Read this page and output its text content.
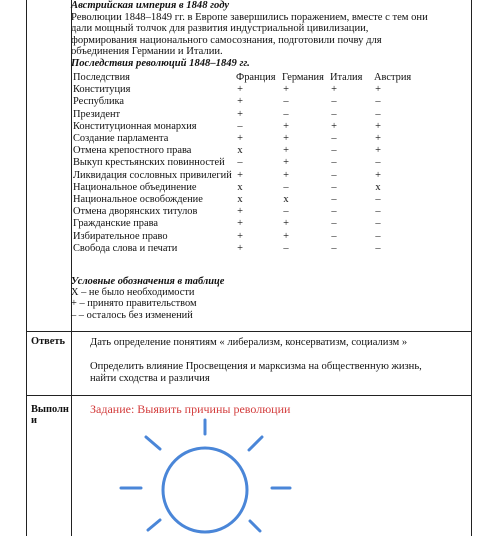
Австрийская империя в 1848 году

Революции 1848–1849 гг. в Европе завершились поражением, вместе с тем они

дали мощный толчок для развития индустриальной цивилизации,

формирования национального самосознания, подготовили почву для

объединения Германии и Италии.

Последствия революций 1848–1849 гг.
Последствия	Франция	Германия	Италия	Австрия
Конституция	+	+	+	+
Республика	+	–	–	–
Президент	+	–	–	–
Конституционная монархия	–	+	+	+
Создание парламента	+	+	–	+
Отмена крепостного права	x	+	–	+
Выкуп крестьянских повинностей	–	+	–	–
Ликвидация сословных привилегий	+	+	–	+
Национальное объединение	x	–	–	x
Национальное освобождение	x	x	–	–
Отмена дворянских титулов	+	–	–	–
Гражданские права	+	+	–	–
Избирательное право	+	+	–	–
Свобода слова и печати	+	–	–	–
Условные обозначения в таблице
X – не было необходимости
+ – принято правительством
– – осталось без изменений
Ответь Дать определение понятиям « либерализм, консерватизм, социализм »
Определить влияние Просвещения и марксизма на общественную жизнь,
найти сходства и различия
Выполн
и
Задание: Выявить причины революции
